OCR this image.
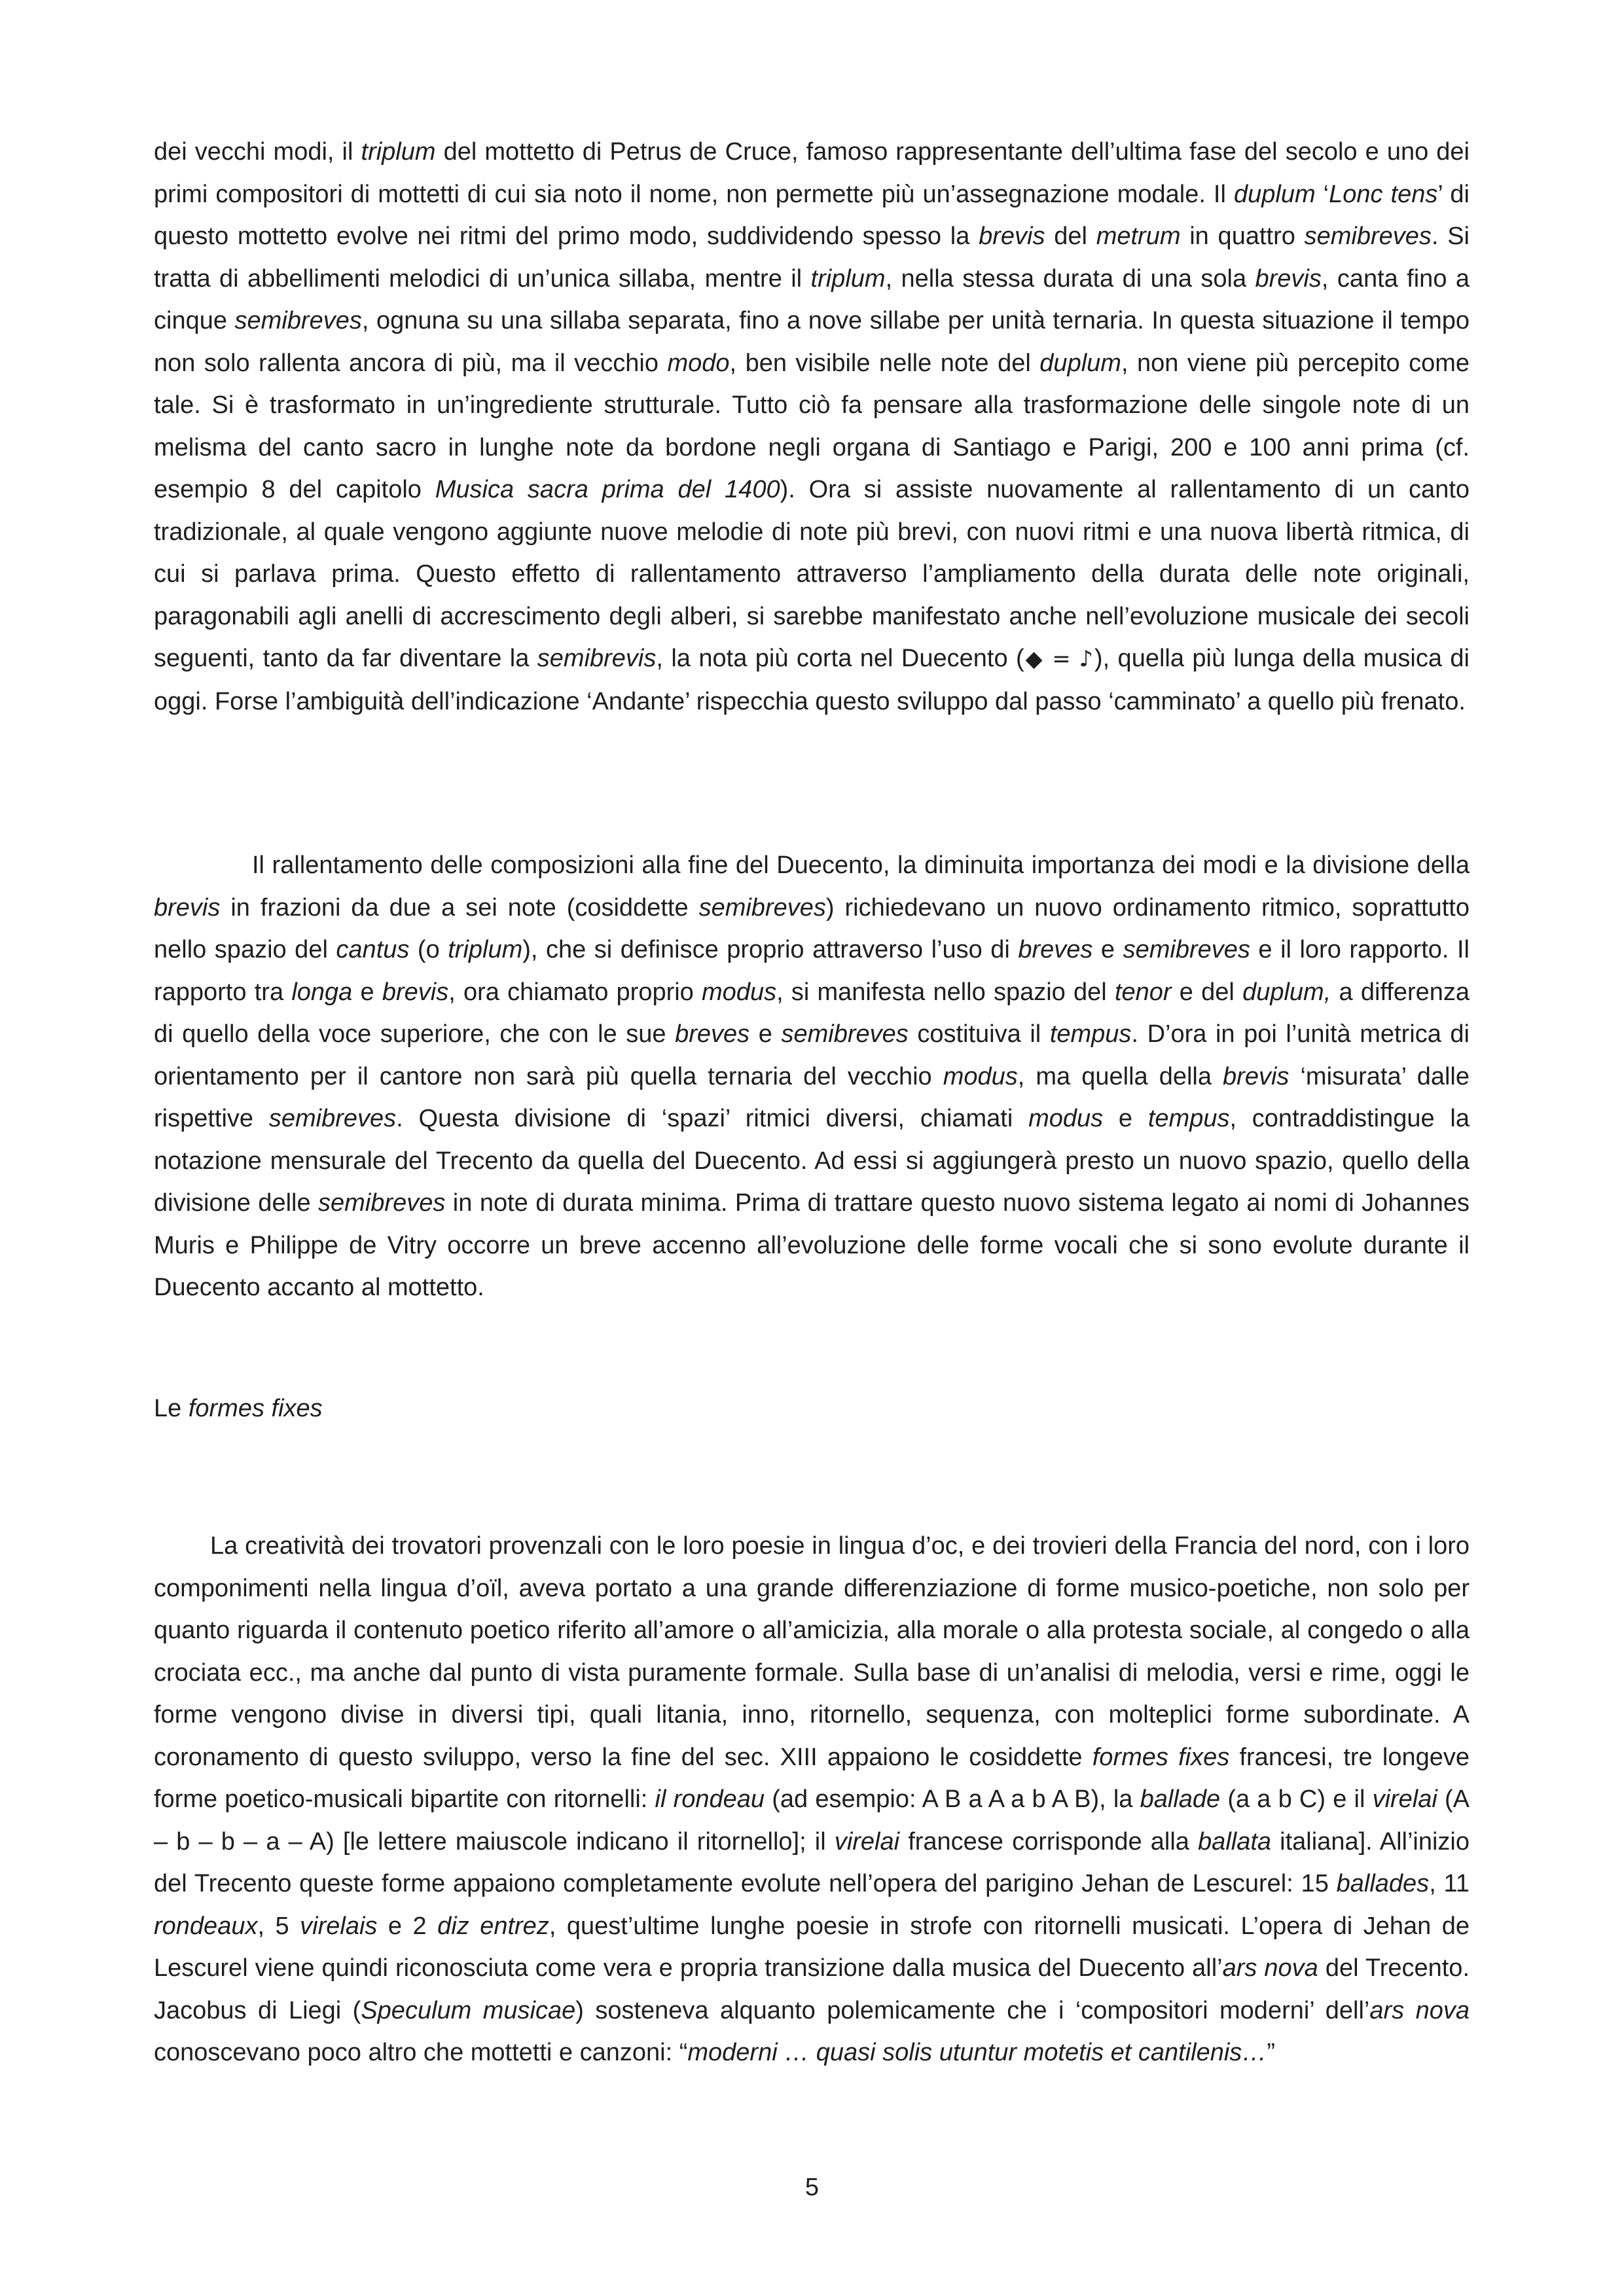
dei vecchi modi, il triplum del mottetto di Petrus de Cruce, famoso rappresentante dell’ultima fase del secolo e uno dei primi compositori di mottetti di cui sia noto il nome, non permette più un’assegnazione modale. Il duplum ‘Lonc tens’ di questo mottetto evolve nei ritmi del primo modo, suddividendo spesso la brevis del metrum in quattro semibreves. Si tratta di abbellimenti melodici di un’unica sillaba, mentre il triplum, nella stessa durata di una sola brevis, canta fino a cinque semibreves, ognuna su una sillaba separata, fino a nove sillabe per unità ternaria. In questa situazione il tempo non solo rallenta ancora di più, ma il vecchio modo, ben visibile nelle note del duplum, non viene più percepito come tale. Si è trasformato in un’ingrediente strutturale. Tutto ciò fa pensare alla trasformazione delle singole note di un melisma del canto sacro in lunghe note da bordone negli organa di Santiago e Parigi, 200 e 100 anni prima (cf. esempio 8 del capitolo Musica sacra prima del 1400). Ora si assiste nuovamente al rallentamento di un canto tradizionale, al quale vengono aggiunte nuove melodie di note più brevi, con nuovi ritmi e una nuova libertà ritmica, di cui si parlava prima. Questo effetto di rallentamento attraverso l’ampliamento della durata delle note originali, paragonabili agli anelli di accrescimento degli alberi, si sarebbe manifestato anche nell’evoluzione musicale dei secoli seguenti, tanto da far diventare la semibrevis, la nota più corta nel Duecento (◆ = ♪), quella più lunga della musica di oggi. Forse l’ambiguità dell’indicazione ‘Andante’ rispecchia questo sviluppo dal passo ‘camminato’ a quello più frenato.

Il rallentamento delle composizioni alla fine del Duecento, la diminuita importanza dei modi e la divisione della brevis in frazioni da due a sei note (cosiddette semibreves) richiedevano un nuovo ordinamento ritmico, soprattutto nello spazio del cantus (o triplum), che si definisce proprio attraverso l’uso di breves e semibreves e il loro rapporto. Il rapporto tra longa e brevis, ora chiamato proprio modus, si manifesta nello spazio del tenor e del duplum, a differenza di quello della voce superiore, che con le sue breves e semibreves costituiva il tempus. D’ora in poi l’unità metrica di orientamento per il cantore non sarà più quella ternaria del vecchio modus, ma quella della brevis ‘misurata’ dalle rispettive semibreves. Questa divisione di ‘spazi’ ritmici diversi, chiamati modus e tempus, contraddistingue la notazione mensurale del Trecento da quella del Duecento. Ad essi si aggiungerà presto un nuovo spazio, quello della divisione delle semibreves in note di durata minima. Prima di trattare questo nuovo sistema legato ai nomi di Johannes Muris e Philippe de Vitry occorre un breve accenno all’evoluzione delle forme vocali che si sono evolute durante il Duecento accanto al mottetto.

Le formes fixes

La creatività dei trovatori provenzali con le loro poesie in lingua d’oc, e dei trovieri della Francia del nord, con i loro componimenti nella lingua d’oïl, aveva portato a una grande differenziazione di forme musico-poetiche, non solo per quanto riguarda il contenuto poetico riferito all’amore o all’amicizia, alla morale o alla protesta sociale, al congedo o alla crociata ecc., ma anche dal punto di vista puramente formale. Sulla base di un’analisi di melodia, versi e rime, oggi le forme vengono divise in diversi tipi, quali litania, inno, ritornello, sequenza, con molteplici forme subordinate. A coronamento di questo sviluppo, verso la fine del sec. XIII appaiono le cosiddette formes fixes francesi, tre longeve forme poetico-musicali bipartite con ritornelli: il rondeau (ad esempio: A B a A a b A B), la ballade (a a b C) e il virelai (A – b – b – a – A) [le lettere maiuscole indicano il ritornello]; il virelai francese corrisponde alla ballata italiana]. All’inizio del Trecento queste forme appaiono completamente evolute nell’opera del parigino Jehan de Lescurel: 15 ballades, 11 rondeaux, 5 virelais e 2 diz entrez, quest’ultime lunghe poesie in strofe con ritornelli musicati. L’opera di Jehan de Lescurel viene quindi riconosciuta come vera e propria transizione dalla musica del Duecento all’ars nova del Trecento. Jacobus di Liegi (Speculum musicae) sosteneva alquanto polemicamente che i ‘compositori moderni’ dell’ars nova conoscevano poco altro che mottetti e canzoni: “moderni … quasi solis utuntur motetis et cantilenis…”

5
